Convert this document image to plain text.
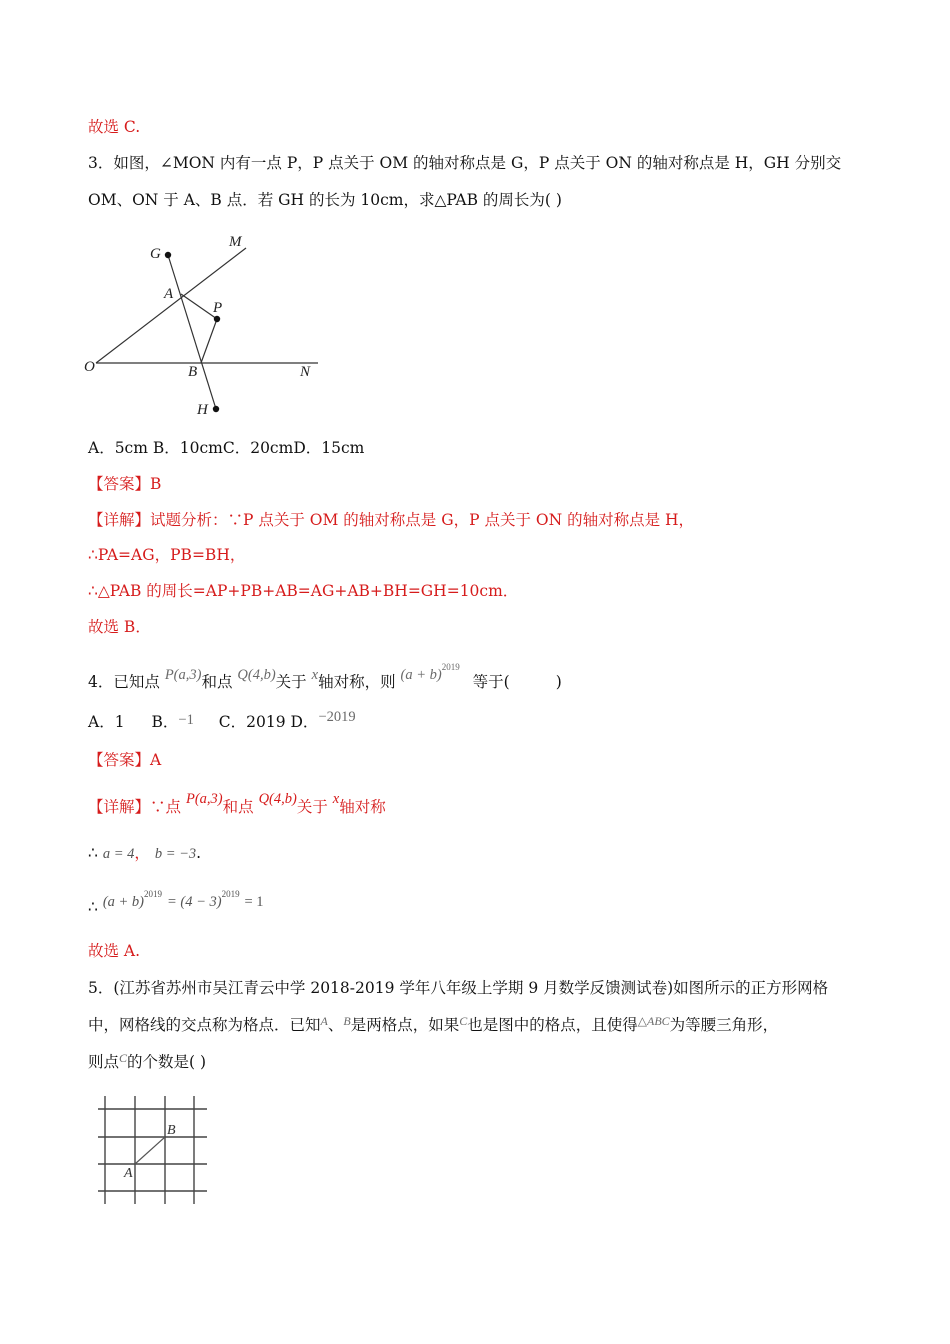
故选 C.
3．如图，∠MON 内有一点 P，P 点关于 OM 的轴对称点是 G，P 点关于 ON 的轴对称点是 H，GH 分别交
OM、ON 于 A、B 点．若 GH 的长为 10cm，求△PAB 的周长为( )
G
M
A
P
O	B	N
H
A．5cm B．10cmC．20cmD．15cm
【答案】B
【详解】试题分析：∵P 点关于 OM 的轴对称点是 G，P 点关于 ON 的轴对称点是 H，
∴PA=AG，PB=BH，
∴△PAB 的周长=AP+PB+AB=AG+AB+BH=GH=10cm．
故选 B．
4．已知点 P(a,3)和点 Q(4,b)关于 x轴对称，则 $(a + b)^{2019}$ 等于(	)
A．1 B．−1 C．2019 D．−2019
【答案】A
【详解】∵点 P(a,3)和点 Q(4,b)关于 x轴对称
∴ a = 4， b = −3.
∴ $(a + b)^{2019} = (4 - 3)^{2019} = 1$
故选 A.
5．(江苏省苏州市吴江青云中学 2018-2019 学年八年级上学期 9 月数学反馈测试卷)如图所示的正方形网格
中，网格线的交点称为格点．已知$^A$、$^B$是两格点，如果$^C$也是图中的格点，且使得$^{\triangle ABC}$为等腰三角形，
则点$^C$的个数是( )
B
A
